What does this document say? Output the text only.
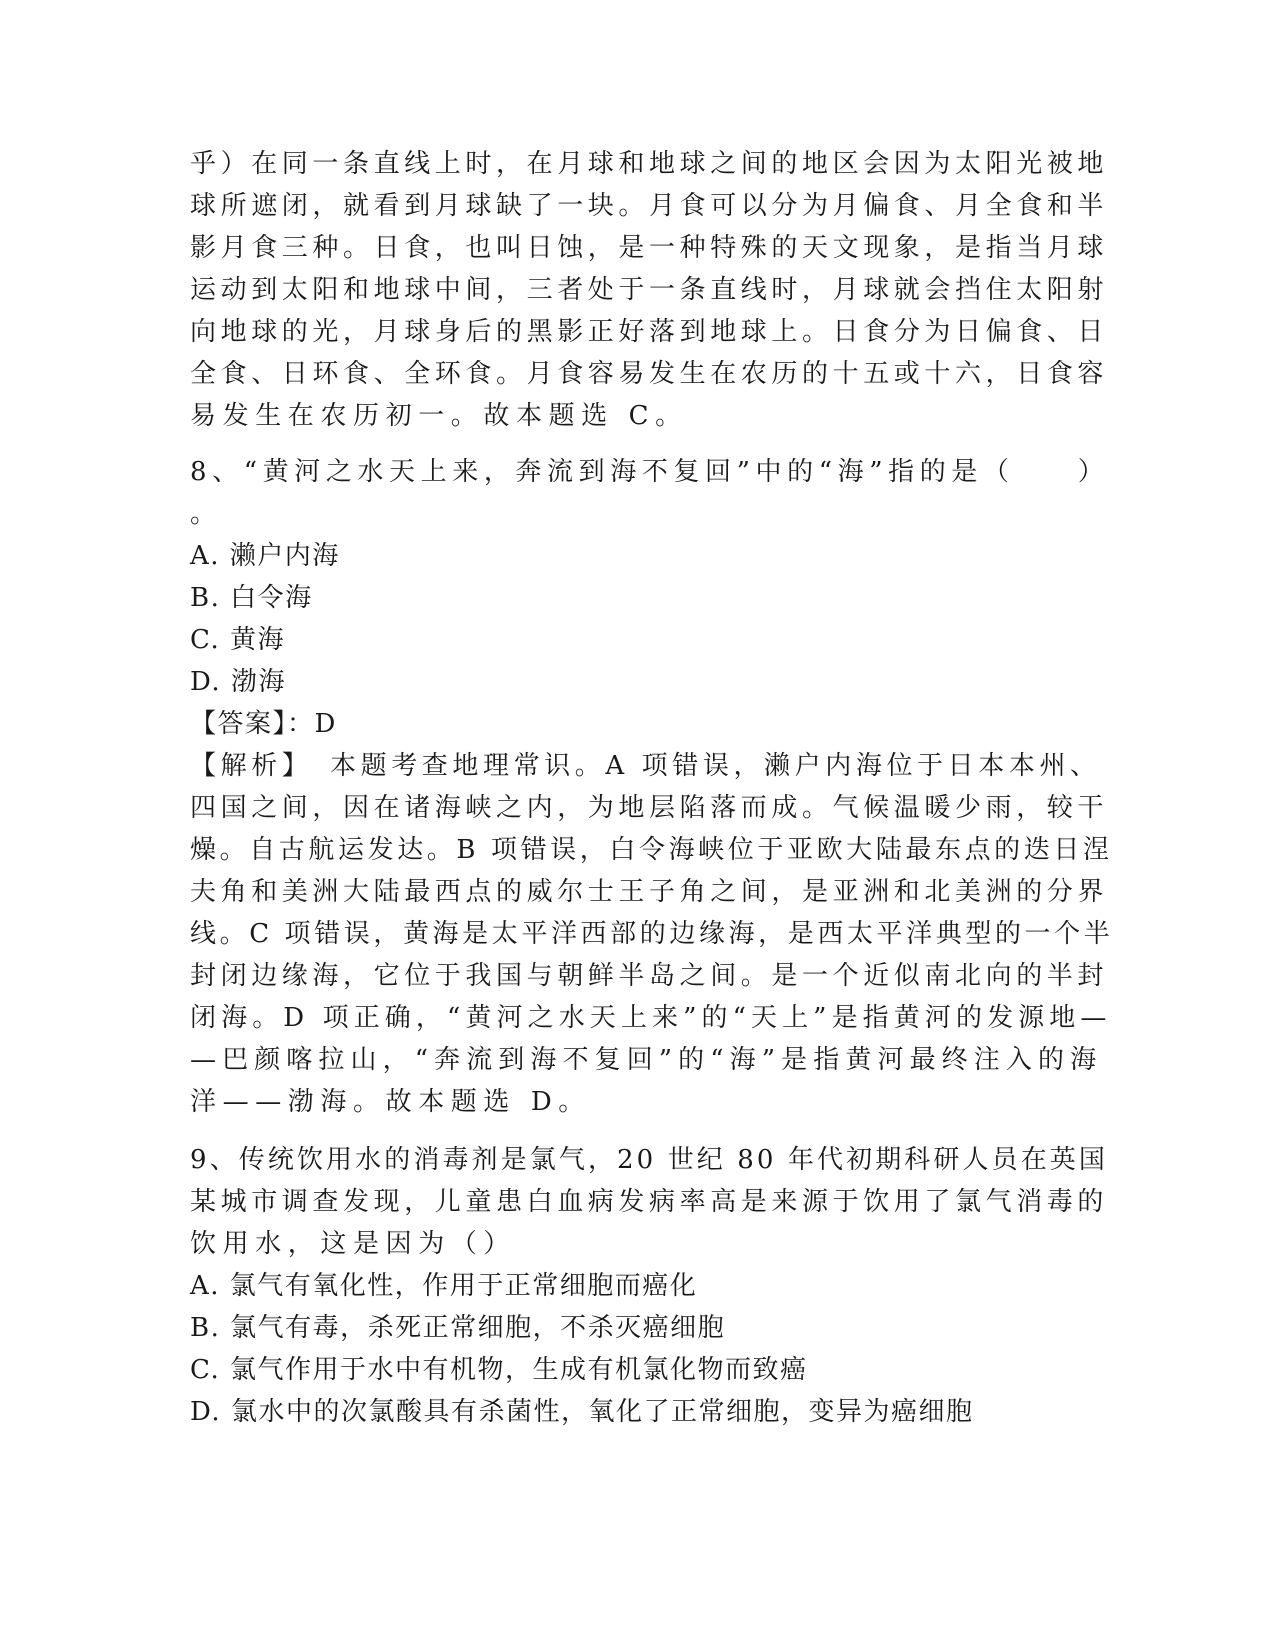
乎）在同一条直线上时，在月球和地球之间的地区会因为太阳光被地
球所遮闭，就看到月球缺了一块。月食可以分为月偏食、月全食和半
影月食三种。日食，也叫日蚀，是一种特殊的天文现象，是指当月球
运动到太阳和地球中间，三者处于一条直线时，月球就会挡住太阳射
向地球的光，月球身后的黑影正好落到地球上。日食分为日偏食、日
全食、日环食、全环食。月食容易发生在农历的十五或十六，日食容
易发生在农历初一。故本题选 C。
8、“黄河之水天上来，奔流到海不复回”中的“海”指的是（　　）
。
A. 濑户内海
B. 白令海
C. 黄海
D. 渤海
【答案】：D
【解析】　本题考查地理常识。A 项错误，濑户内海位于日本本州、
四国之间，因在诸海峡之内，为地层陷落而成。气候温暖少雨，较干
燥。自古航运发达。B 项错误，白令海峡位于亚欧大陆最东点的迭日涅
夫角和美洲大陆最西点的威尔士王子角之间，是亚洲和北美洲的分界
线。C 项错误，黄海是太平洋西部的边缘海，是西太平洋典型的一个半
封闭边缘海，它位于我国与朝鲜半岛之间。是一个近似南北向的半封
闭海。D 项正确，“黄河之水天上来”的“天上”是指黄河的发源地—
—巴颜喀拉山，“奔流到海不复回”的“海”是指黄河最终注入的海
洋——渤海。故本题选 D。
9、传统饮用水的消毒剂是氯气，20 世纪 80 年代初期科研人员在英国
某城市调查发现，儿童患白血病发病率高是来源于饮用了氯气消毒的
饮用水，这是因为（）
A. 氯气有氧化性，作用于正常细胞而癌化
B. 氯气有毒，杀死正常细胞，不杀灭癌细胞
C. 氯气作用于水中有机物，生成有机氯化物而致癌
D. 氯水中的次氯酸具有杀菌性，氧化了正常细胞，变异为癌细胞
